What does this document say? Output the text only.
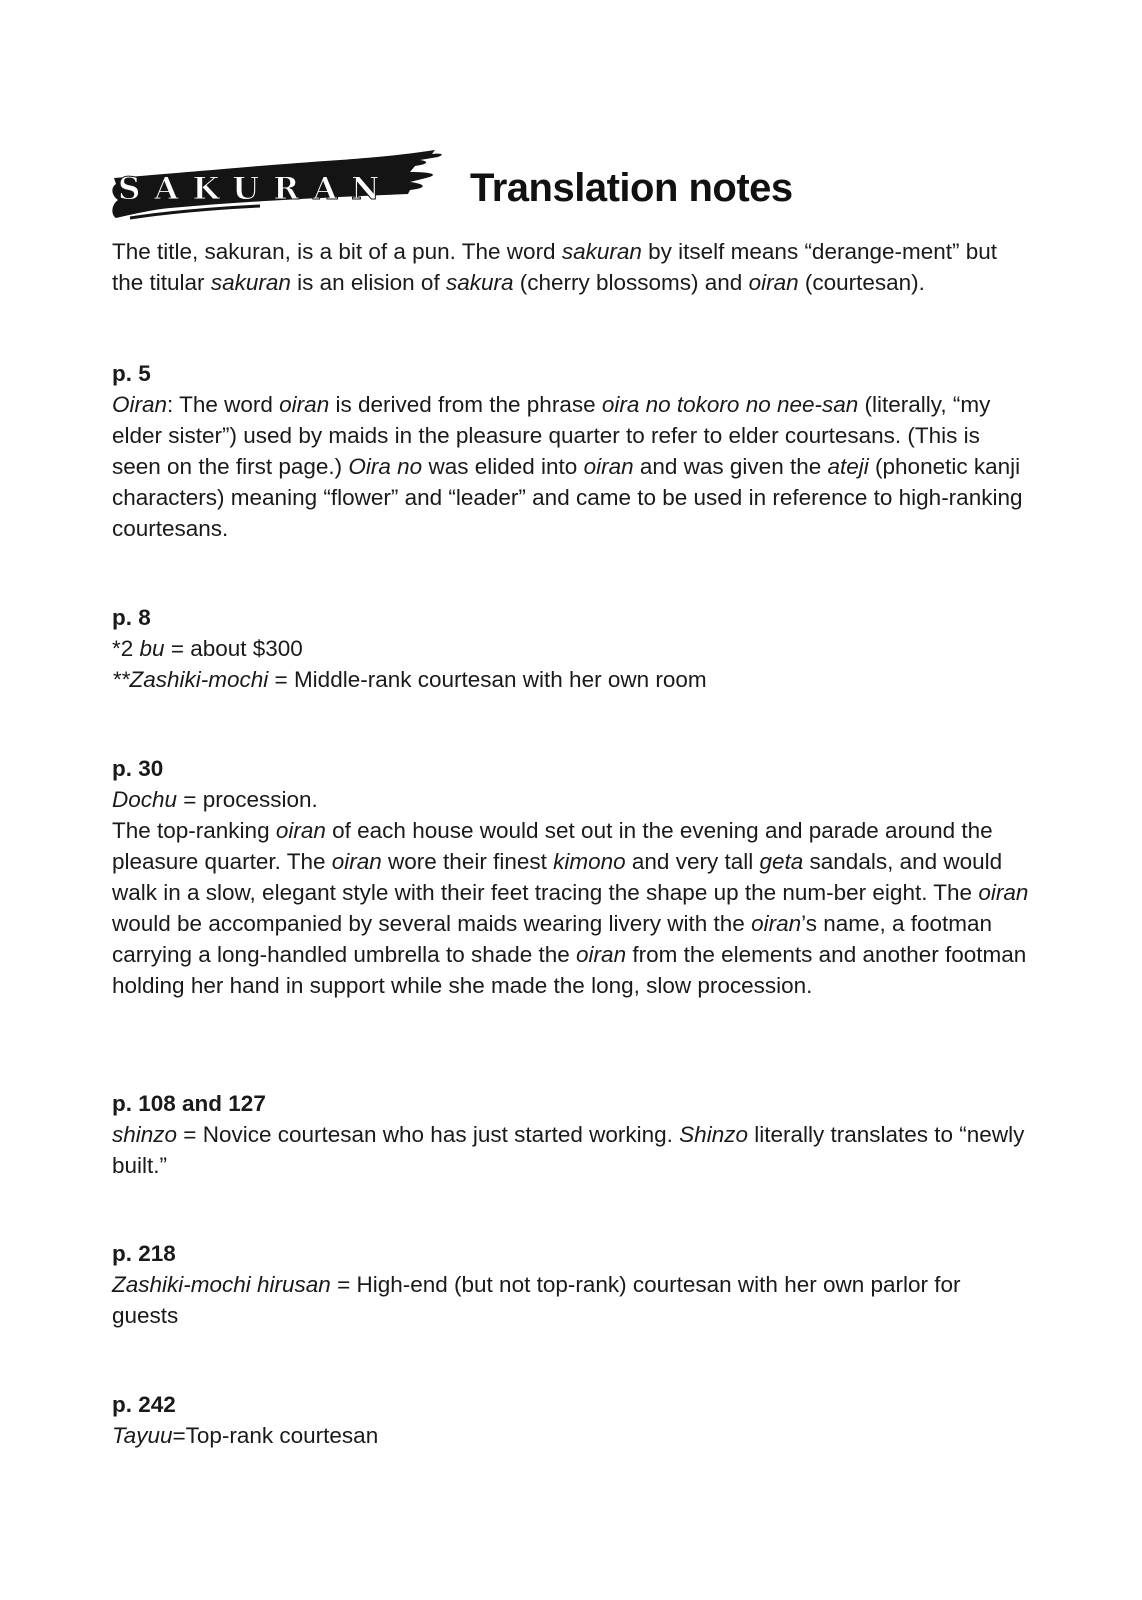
SAKURAN Translation notes

The title, sakuran, is a bit of a pun. The word sakuran by itself means “derange-ment” but the titular sakuran is an elision of sakura (cherry blossoms) and oiran (courtesan).

p. 5

Oiran: The word oiran is derived from the phrase oira no tokoro no nee-san (literally, “my elder sister”) used by maids in the pleasure quarter to refer to elder courtesans. (This is seen on the first page.) Oira no was elided into oiran and was given the ateji (phonetic kanji characters) meaning “flower” and “leader” and came to be used in reference to high-ranking courtesans.

p. 8

*2 bu = about $300

**Zashiki-mochi = Middle-rank courtesan with her own room

p. 30

Dochu = procession.

The top-ranking oiran of each house would set out in the evening and parade around the pleasure quarter. The oiran wore their finest kimono and very tall geta sandals, and would walk in a slow, elegant style with their feet tracing the shape up the num-ber eight. The oiran would be accompanied by several maids wearing livery with the oiran’s name, a footman carrying a long-handled umbrella to shade the oiran from the elements and another footman holding her hand in support while she made the long, slow procession.

p. 108 and 127

shinzo = Novice courtesan who has just started working. Shinzo literally translates to “newly built.”

p. 218

Zashiki-mochi hirusan = High-end (but not top-rank) courtesan with her own parlor for guests

p. 242

Tayuu=Top-rank courtesan
